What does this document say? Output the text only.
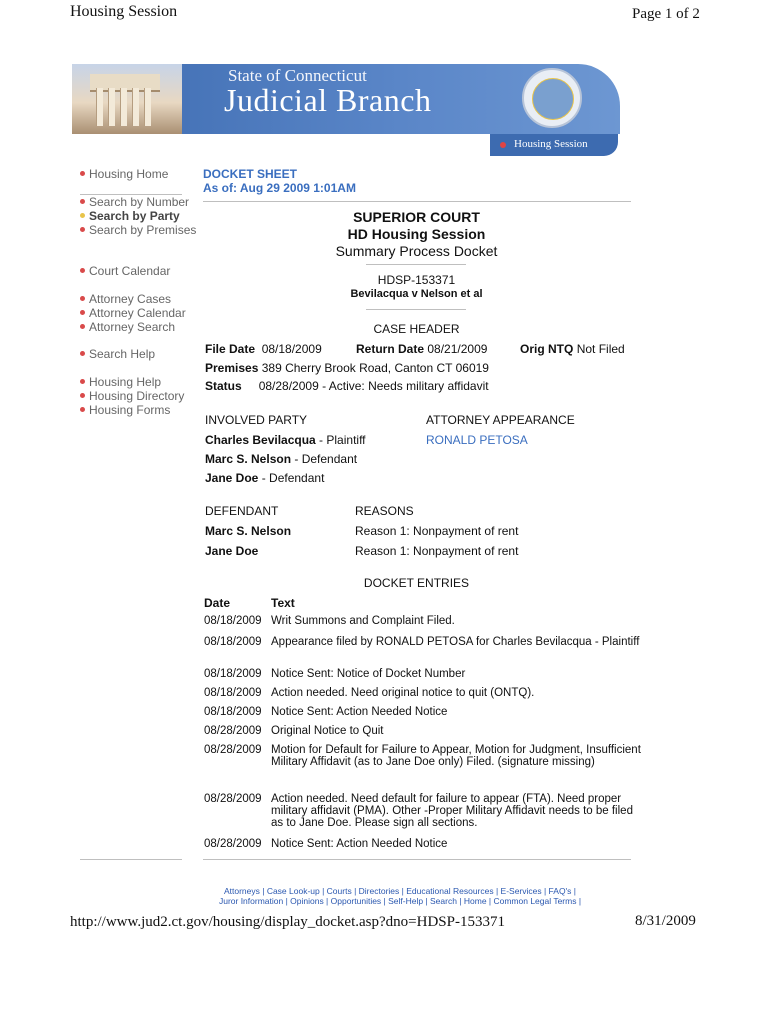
Housing Session	Page 1 of 2
State of Connecticut
Judicial Branch
Housing Session
Housing Home
Search by Number
Search by Party
Search by Premises
Court Calendar
Attorney Cases
Attorney Calendar
Attorney Search
Search Help
Housing Help
Housing Directory
Housing Forms
DOCKET SHEET
As of: Aug 29 2009 1:01AM
SUPERIOR COURT
HD Housing Session
Summary Process Docket
HDSP-153371
Bevilacqua v Nelson et al
CASE HEADER
File Date 08/18/2009	Return Date 08/21/2009	Orig NTQ Not Filed
Premises 389 Cherry Brook Road, Canton CT 06019
Status 08/28/2009 - Active: Needs military affidavit
INVOLVED PARTY	ATTORNEY APPEARANCE
Charles Bevilacqua - Plaintiff	RONALD PETOSA
Marc S. Nelson - Defendant
Jane Doe - Defendant
DEFENDANT	REASONS
Marc S. Nelson	Reason 1: Nonpayment of rent
Jane Doe	Reason 1: Nonpayment of rent
DOCKET ENTRIES
Date	Text
08/18/2009 Writ Summons and Complaint Filed.
08/18/2009 Appearance filed by RONALD PETOSA for Charles Bevilacqua - Plaintiff
08/18/2009 Notice Sent: Notice of Docket Number
08/18/2009 Action needed. Need original notice to quit (ONTQ).
08/18/2009 Notice Sent: Action Needed Notice
08/28/2009 Original Notice to Quit
08/28/2009 Motion for Default for Failure to Appear, Motion for Judgment, Insufficient Military Affidavit (as to Jane Doe only) Filed. (signature missing)
08/28/2009 Action needed. Need default for failure to appear (FTA). Need proper military affidavit (PMA). Other -Proper Military Affidavit needs to be filed as to Jane Doe. Please sign all sections.
08/28/2009 Notice Sent: Action Needed Notice
Attorneys | Case Look-up | Courts | Directories | Educational Resources | E-Services | FAQ's |
Juror Information | Opinions | Opportunities | Self-Help | Search | Home | Common Legal Terms |
http://www.jud2.ct.gov/housing/display_docket.asp?dno=HDSP-153371	8/31/2009
